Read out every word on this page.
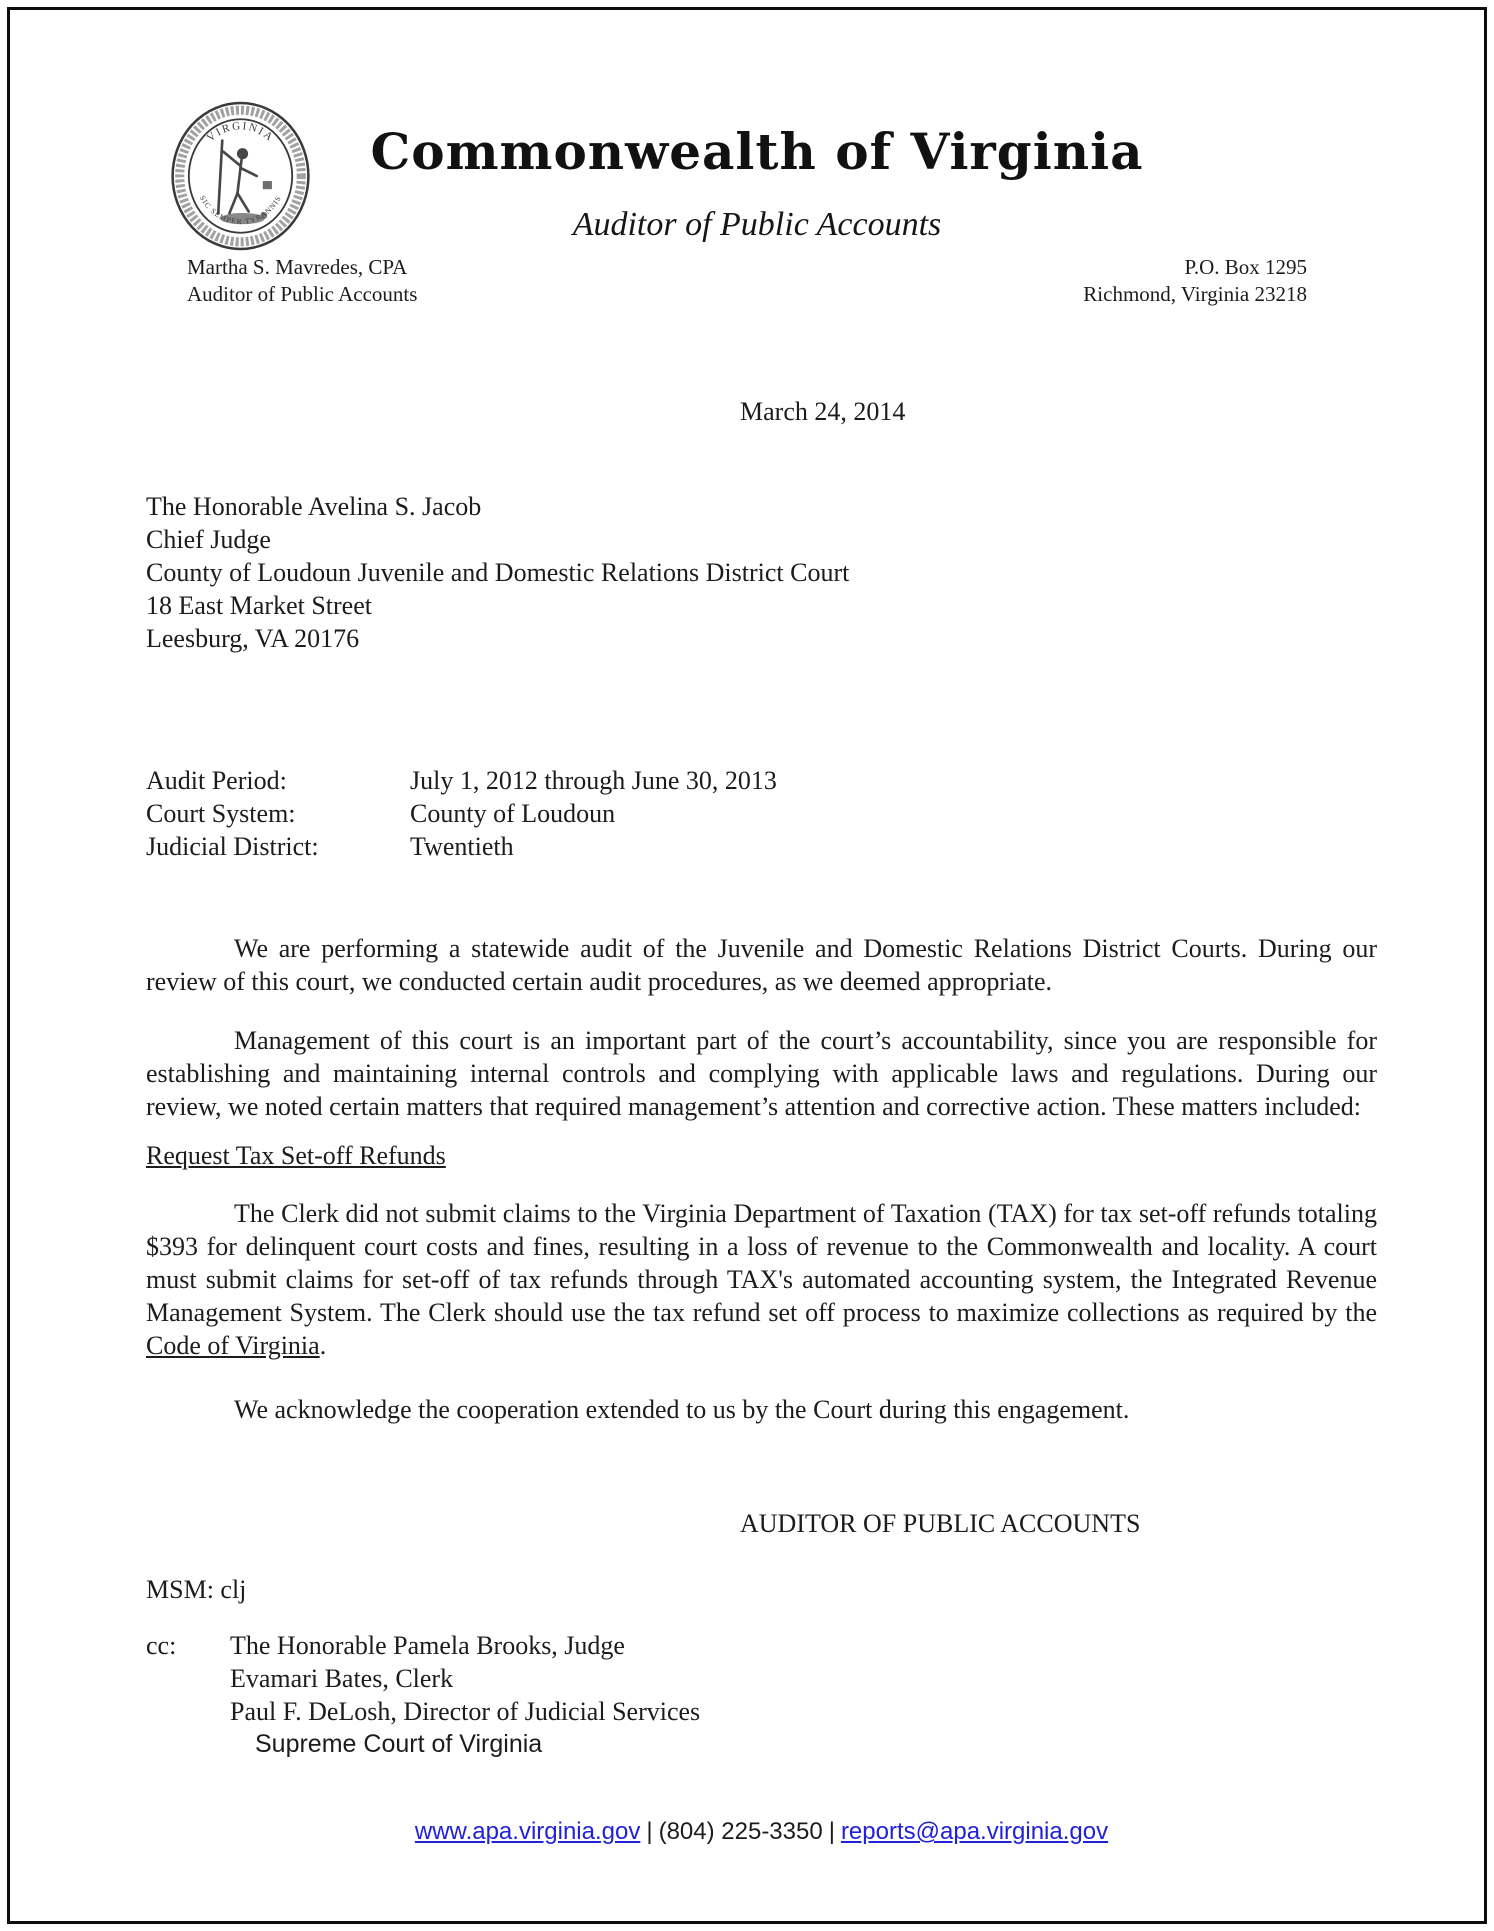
VIRGINIA
SIC SEMPER TYRANNIS
Commonwealth of Virginia
Auditor of Public Accounts
Martha S. Mavredes, CPA
Auditor of Public Accounts
P.O. Box 1295
Richmond, Virginia 23218
March 24, 2014
The Honorable Avelina S. Jacob
Chief Judge
County of Loudoun Juvenile and Domestic Relations District Court
18 East Market Street
Leesburg, VA 20176
Audit Period:	July 1, 2012 through June 30, 2013
Court System:	County of Loudoun
Judicial District:	Twentieth

We are performing a statewide audit of the Juvenile and Domestic Relations District Courts. During our review of this court, we conducted certain audit procedures, as we deemed appropriate.

Management of this court is an important part of the court’s accountability, since you are responsible for establishing and maintaining internal controls and complying with applicable laws and regulations. During our review, we noted certain matters that required management’s attention and corrective action. These matters included:

Request Tax Set-off Refunds

The Clerk did not submit claims to the Virginia Department of Taxation (TAX) for tax set-off refunds totaling $393 for delinquent court costs and fines, resulting in a loss of revenue to the Commonwealth and locality. A court must submit claims for set-off of tax refunds through TAX's automated accounting system, the Integrated Revenue Management System. The Clerk should use the tax refund set off process to maximize collections as required by the Code of Virginia.

We acknowledge the cooperation extended to us by the Court during this engagement.

AUDITOR OF PUBLIC ACCOUNTS
MSM: clj
cc:	The Honorable Pamela Brooks, Judge
Evamari Bates, Clerk
Paul F. DeLosh, Director of Judicial Services
Supreme Court of Virginia
www.apa.virginia.gov | (804) 225-3350 | reports@apa.virginia.gov
